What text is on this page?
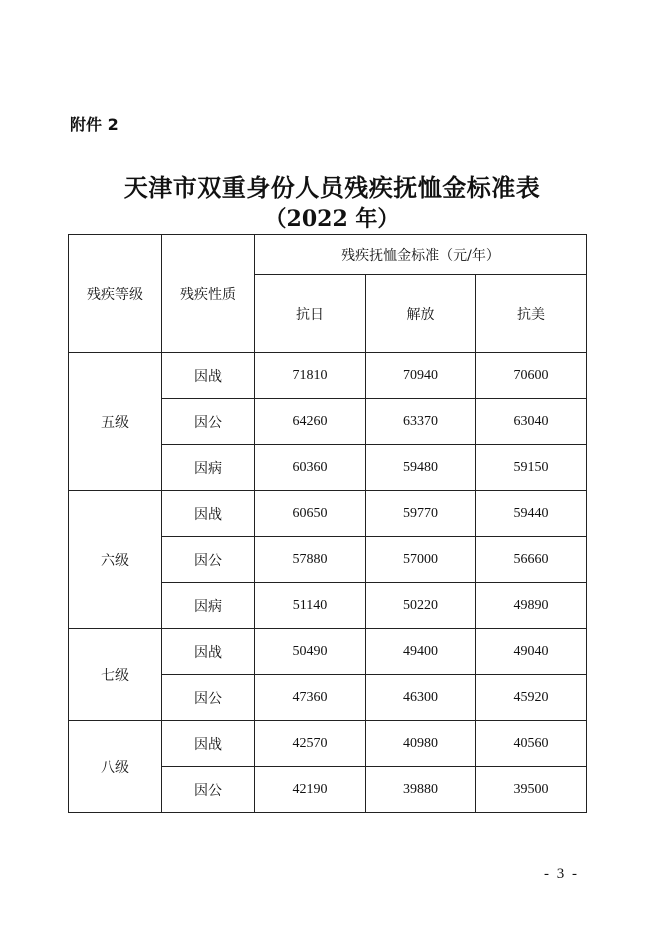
附件 2
天津市双重身份人员残疾抚恤金标准表
（2022 年）
残疾等级	残疾性质	残疾抚恤金标准（元/年）		
		抗日	解放	抗美
五级	因战	71810	70940	70600
	因公	64260	63370	63040
	因病	60360	59480	59150
六级	因战	60650	59770	59440
	因公	57880	57000	56660
	因病	51140	50220	49890
七级	因战	50490	49400	49040
	因公	47360	46300	45920
八级	因战	42570	40980	40560
	因公	42190	39880	39500
- 3 -
